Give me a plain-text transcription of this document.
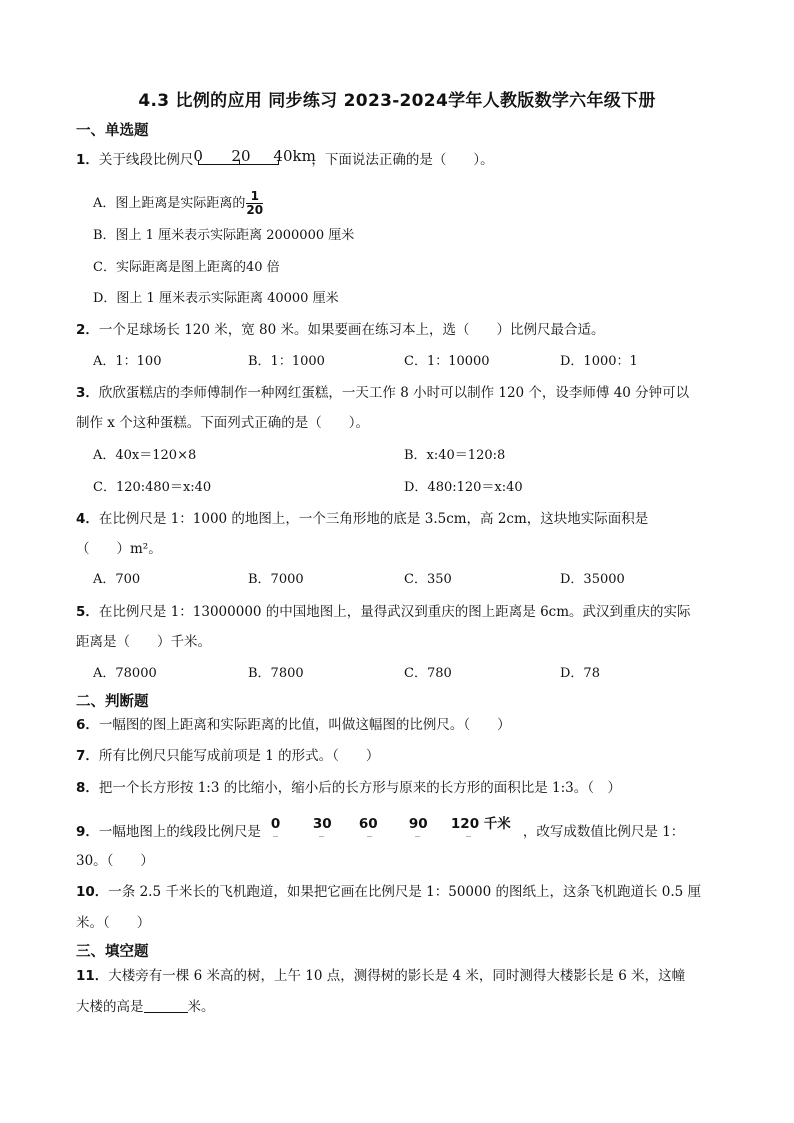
4.3 比例的应用 同步练习 2023-2024学年人教版数学六年级下册
一、单选题
1．关于线段比例尺 0 20 40km
，下面说法正确的是（　　）。
A．图上距离是实际距离的 $\frac{1}{20}$
B．图上 1 厘米表示实际距离 2000000 厘米
C．实际距离是图上距离的40 倍
D．图上 1 厘米表示实际距离 40000 厘米
2．一个足球场长 120 米，宽 80 米。如果要画在练习本上，选（　　）比例尺最合适。
A．1：100	B．1：1000	C．1：10000	D．1000：1
3．欣欣蛋糕店的李师傅制作一种网红蛋糕，一天工作 8 小时可以制作 120 个，设李师傅 40 分钟可以
制作 x 个这种蛋糕。下面列式正确的是（　　）。
A．40x＝120×8	B．x:40＝120:8
C．120:480＝x:40	D．480:120＝x:40
4．在比例尺是 1：1000 的地图上，一个三角形地的底是 3.5cm，高 2cm，这块地实际面积是
（　　）m²。
A．700	B．7000	C．350	D．35000
5．在比例尺是 1：13000000 的中国地图上，量得武汉到重庆的图上距离是 6cm。武汉到重庆的实际
距离是（　　）千米。
A．78000	B．7800	C．780	D．78
二、判断题
6．一幅图的图上距离和实际距离的比值，叫做这幅图的比例尺。（　　）
7．所有比例尺只能写成前项是 1 的形式。（　　）
8．把一个长方形按 1:3 的比缩小，缩小后的长方形与原来的长方形的面积比是 1:3。（　）
9．一幅地图上的线段比例尺是 0 30 60 90 120 千米 ，改写成数值比例尺是 1：
30。（　　）
10．一条 2.5 千米长的飞机跑道，如果把它画在比例尺是 1：50000 的图纸上，这条飞机跑道长 0.5 厘
米。（　　）
三、填空题
11．大楼旁有一棵 6 米高的树，上午 10 点，测得树的影长是 4 米，同时测得大楼影长是 6 米，这幢
大楼的高是	米。
